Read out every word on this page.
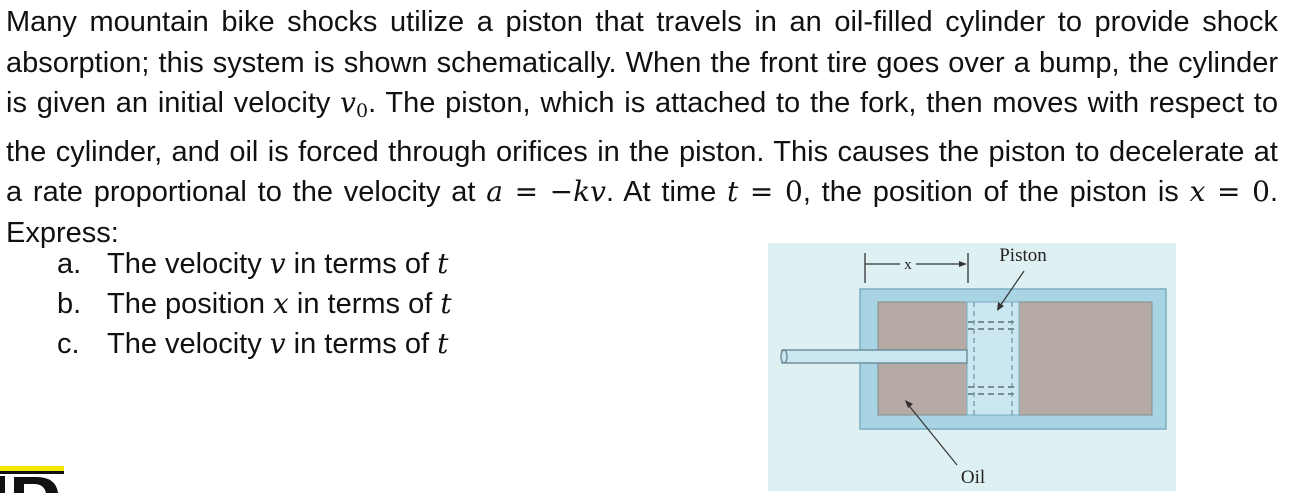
Many mountain bike shocks utilize a piston that travels in an oil-filled cylinder to provide shock absorption; this system is shown schematically. When the front tire goes over a bump, the cylinder is given an initial velocity $v_0$. The piston, which is attached to the fork, then moves with respect to the cylinder, and oil is forced through orifices in the piston. This causes the piston to decelerate at a rate proportional to the velocity at a = −kv. At time t = 0, the position of the piston is x = 0. Express:

a. The velocity v in terms of t
b. The position x in terms of t
c. The velocity v in terms of t
x	Piston
Oil
